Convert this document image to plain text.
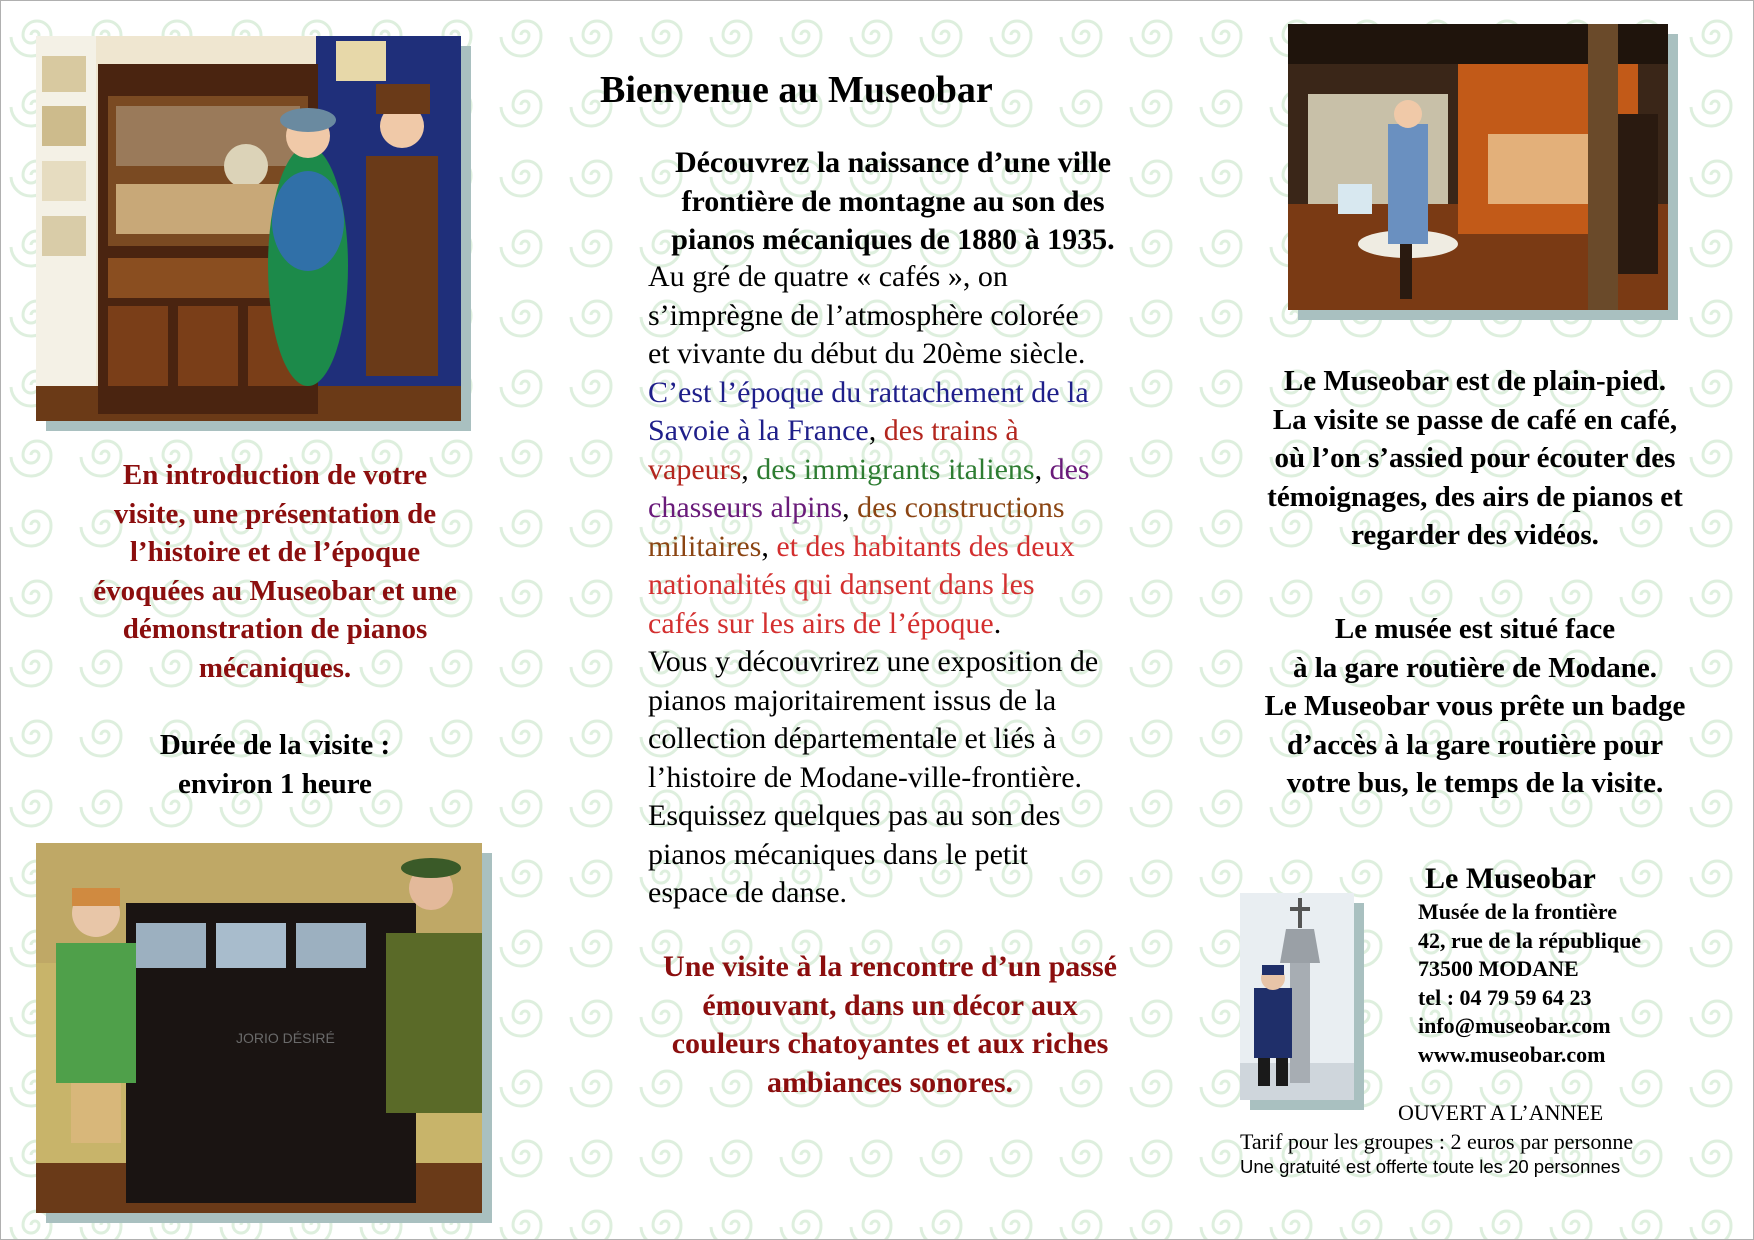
JORIO DÉSIRÉ
Bienvenue au Museobar
Découvrez la naissance d’une ville
frontière de montagne au son des
pianos mécaniques de 1880 à 1935.
Au gré de quatre « cafés », on
s’imprègne de l’atmosphère colorée
et vivante du début du 20ème siècle.
C’est l’époque du rattachement de la
Savoie à la France, des trains à
vapeurs, des immigrants italiens, des
chasseurs alpins, des constructions
militaires, et des habitants des deux
nationalités qui dansent dans les
cafés sur les airs de l’époque.
Vous y découvrirez une exposition de
pianos majoritairement issus de la
collection départementale et liés à
l’histoire de Modane-ville-frontière.
Esquissez quelques pas au son des
pianos mécaniques dans le petit
espace de danse.
Une visite à la rencontre d’un passé
émouvant, dans un décor aux
couleurs chatoyantes et aux riches
ambiances sonores.
En introduction de votre
visite, une présentation de
l’histoire et de l’époque
évoquées au Museobar et une
démonstration de pianos
mécaniques.
Durée de la visite :
environ 1 heure
Le Museobar est de plain-pied.
La visite se passe de café en café,
où l’on s’assied pour écouter des
témoignages, des airs de pianos et
regarder des vidéos.
Le musée est situé face
à la gare routière de Modane.
Le Museobar vous prête un badge
d’accès à la gare routière pour
votre bus, le temps de la visite.
Le Museobar
Musée de la frontière
42, rue de la république
73500 MODANE
tel : 04 79 59 64 23
info@museobar.com
www.museobar.com
OUVERT A L’ANNEE
Tarif pour les groupes : 2 euros par personne
Une gratuité est offerte toute les 20 personnes
